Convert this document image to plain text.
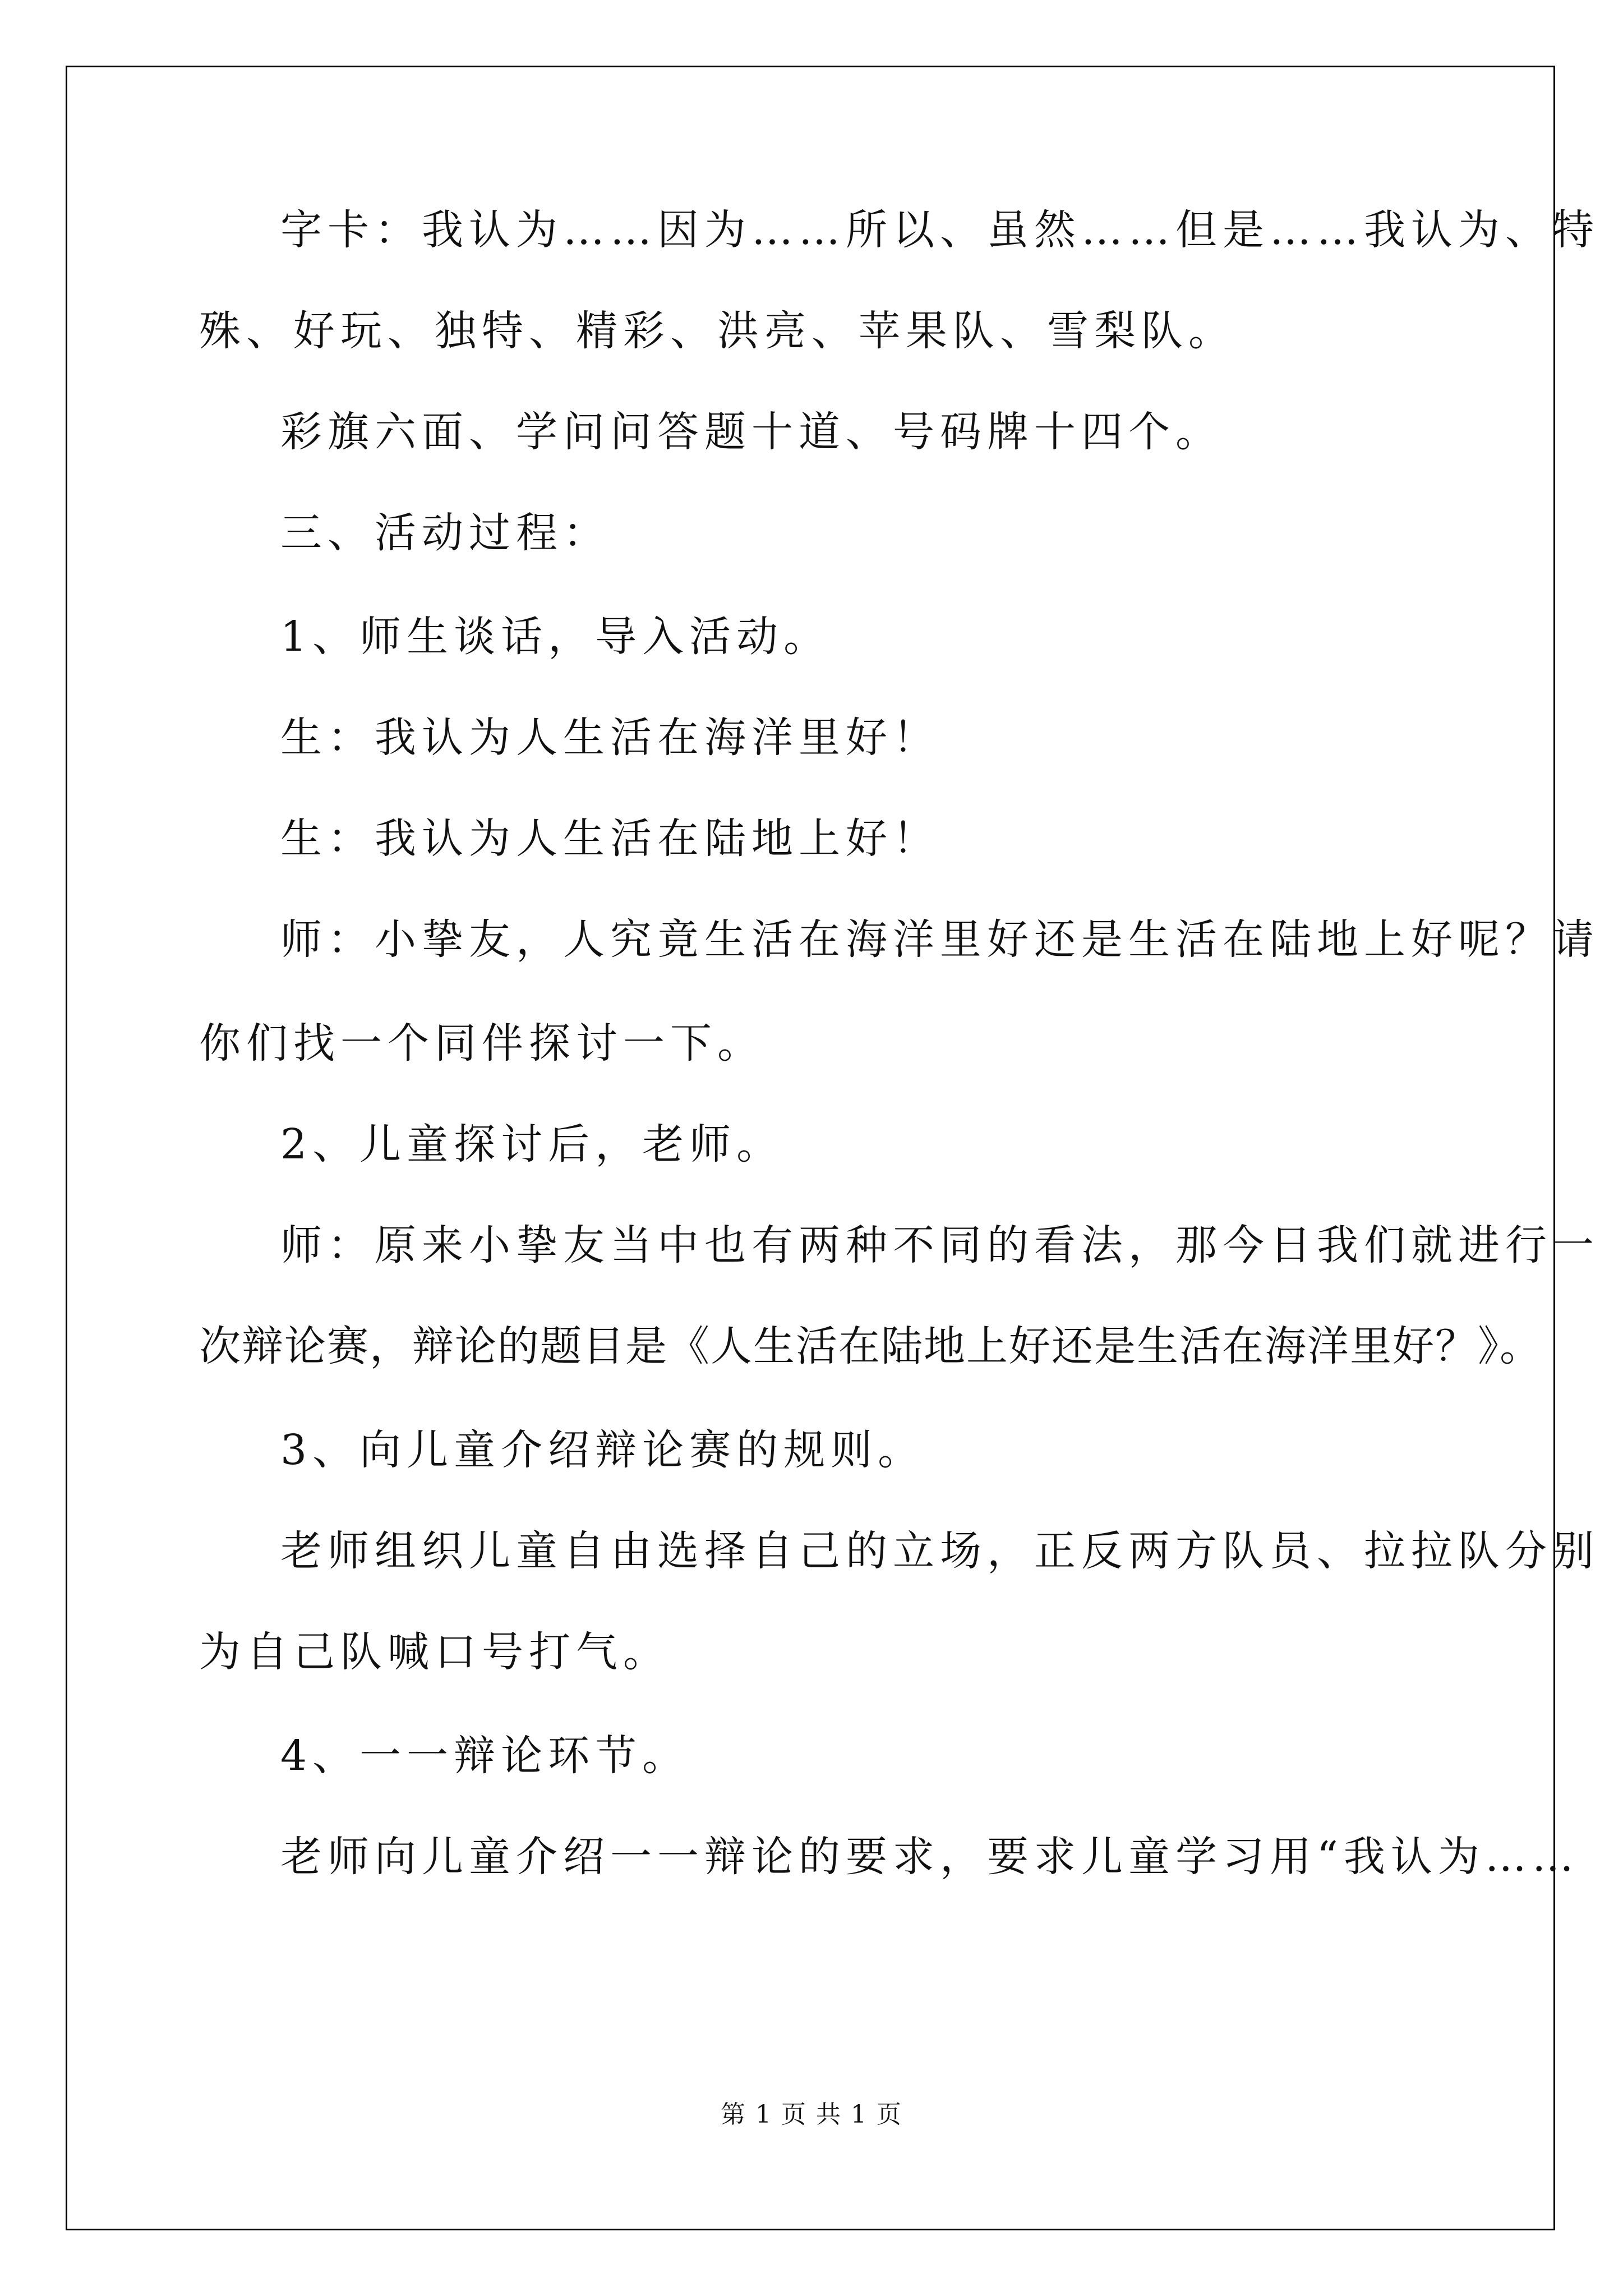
字卡：我认为……因为……所以、虽然……但是……我认为、特
殊、好玩、独特、精彩、洪亮、苹果队、雪梨队。
彩旗六面、学问问答题十道、号码牌十四个。
三、活动过程：
1、师生谈话，导入活动。
生：我认为人生活在海洋里好！
生：我认为人生活在陆地上好！
师：小挚友，人究竟生活在海洋里好还是生活在陆地上好呢？请
你们找一个同伴探讨一下。
2、儿童探讨后，老师。
师：原来小挚友当中也有两种不同的看法，那今日我们就进行一
次辩论赛，辩论的题目是《人生活在陆地上好还是生活在海洋里好？》。
3、向儿童介绍辩论赛的规则。
老师组织儿童自由选择自己的立场，正反两方队员、拉拉队分别
为自己队喊口号打气。
4、一一辩论环节。
老师向儿童介绍一一辩论的要求，要求儿童学习用“我认为……
第 1 页 共 1 页
